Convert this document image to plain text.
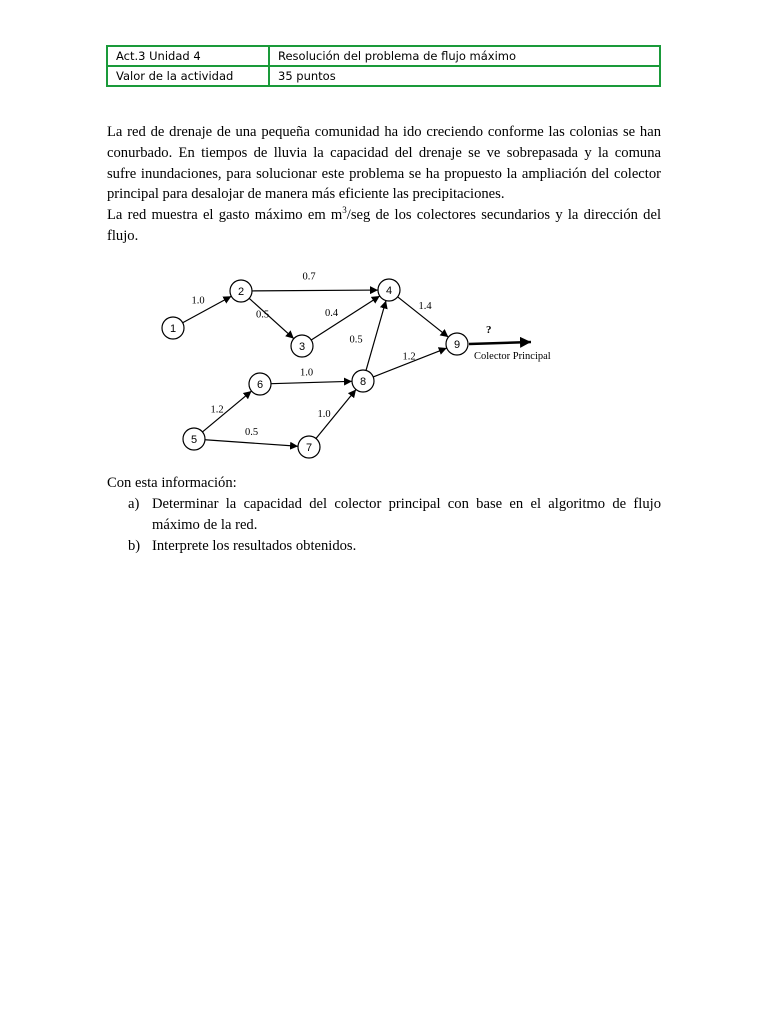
Act.3 Unidad 4	Resolución del problema de flujo máximo
Valor de la actividad	35 puntos
La red de drenaje de una pequeña comunidad ha ido creciendo conforme las colonias se han
conurbado. En tiempos de lluvia la capacidad del drenaje se ve sobrepasada y la comuna
sufre inundaciones, para solucionar este problema se ha propuesto la ampliación del colector
principal para desalojar de manera más eficiente las precipitaciones.
La red muestra el gasto máximo em $m^3$/seg de los colectores secundarios y la dirección del
flujo.
1.0
0.7
0.5	0.4
1.4
0.5
1.2
1.0
1.2
0.5
1.0
1
2
3
4
5
6
7
8
9
?
Colector Principal

Con esta información:

a) Determinar la capacidad del colector principal con base en el algoritmo de flujo
máximo de la red.
b) Interprete los resultados obtenidos.
